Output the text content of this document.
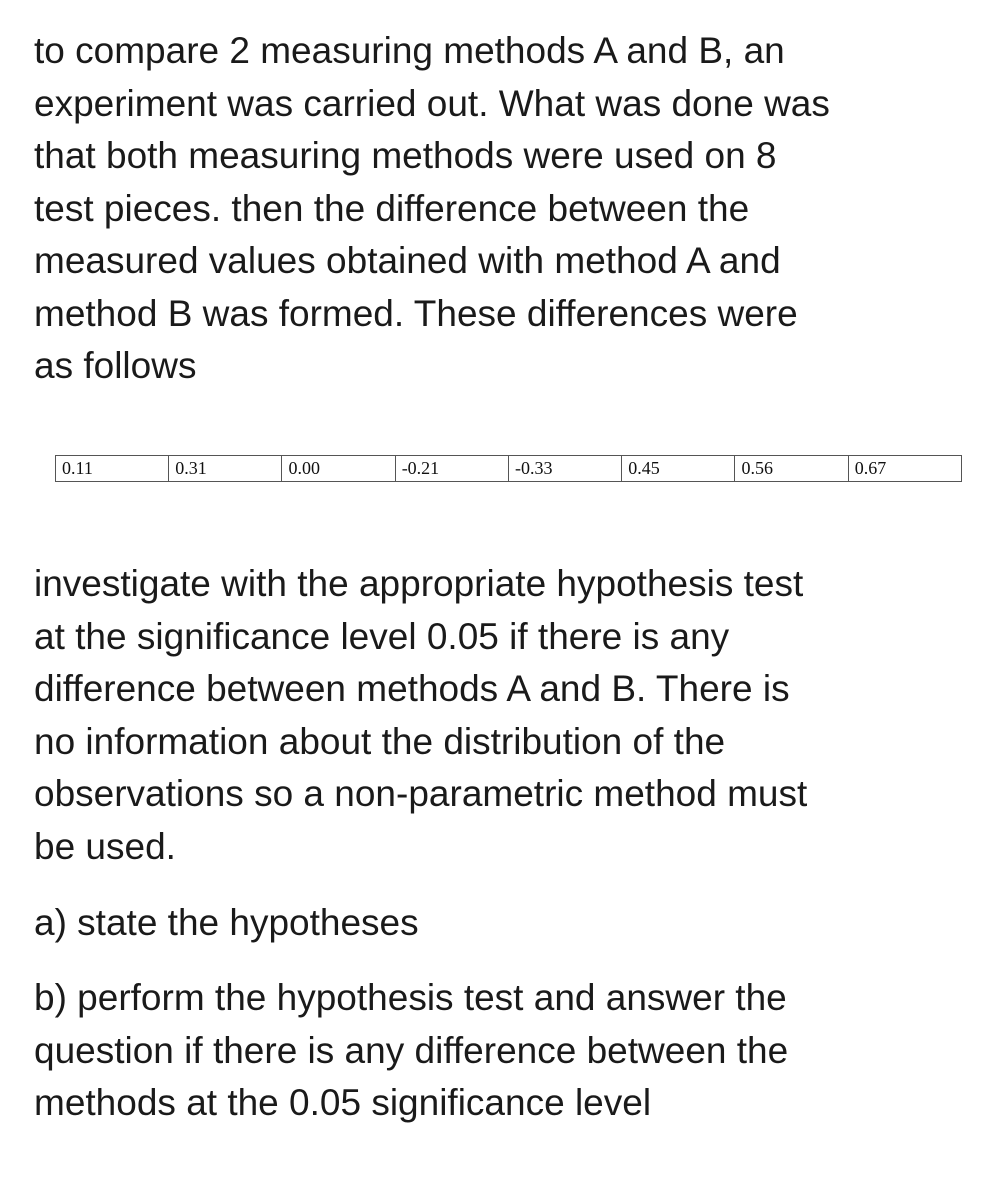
to compare 2 measuring methods A and B, an
experiment was carried out. What was done was
that both measuring methods were used on 8
test pieces. then the difference between the
measured values obtained with method A and
method B was formed. These differences were
as follows
0.11	0.31	0.00	-0.21	-0.33	0.45	0.56	0.67
investigate with the appropriate hypothesis test
at the significance level 0.05 if there is any
difference between methods A and B. There is
no information about the distribution of the
observations so a non-parametric method must
be used.
a) state the hypotheses
b) perform the hypothesis test and answer the
question if there is any difference between the
methods at the 0.05 significance level
